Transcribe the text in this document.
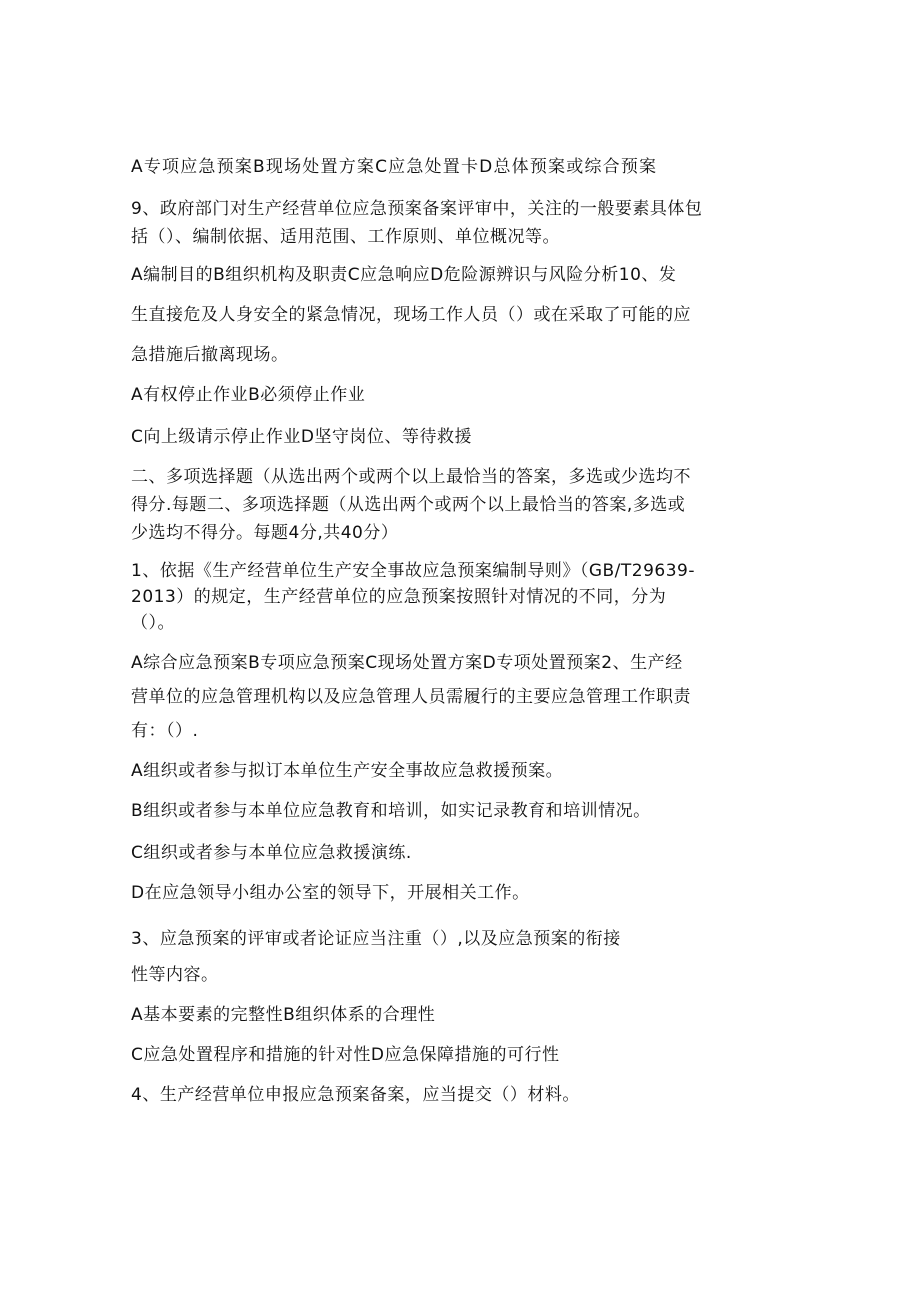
A专项应急预案B现场处置方案C应急处置卡D总体预案或综合预案
9、政府部门对生产经营单位应急预案备案评审中，关注的一般要素具体包
括（）、编制依据、适用范围、工作原则、单位概况等。
A编制目的B组织机构及职责C应急响应D危险源辨识与风险分析10、发
生直接危及人身安全的紧急情况，现场工作人员（）或在采取了可能的应
急措施后撤离现场。
A有权停止作业B必须停止作业
C向上级请示停止作业D坚守岗位、等待救援
二、多项选择题（从选出两个或两个以上最恰当的答案，多选或少选均不
得分.每题二、多项选择题（从选出两个或两个以上最恰当的答案,多选或
少选均不得分。每题4分,共40分）
1、依据《生产经营单位生产安全事故应急预案编制导则》（GB/T29639-
2013）的规定，生产经营单位的应急预案按照针对情况的不同，分为
（）。
A综合应急预案B专项应急预案C现场处置方案D专项处置预案2、生产经
营单位的应急管理机构以及应急管理人员需履行的主要应急管理工作职责
有：（）.
A组织或者参与拟订本单位生产安全事故应急救援预案。
B组织或者参与本单位应急教育和培训，如实记录教育和培训情况。
C组织或者参与本单位应急救援演练.
D在应急领导小组办公室的领导下，开展相关工作。
3、应急预案的评审或者论证应当注重（）,以及应急预案的衔接
性等内容。
A基本要素的完整性B组织体系的合理性
C应急处置程序和措施的针对性D应急保障措施的可行性
4、生产经营单位申报应急预案备案，应当提交（）材料。
